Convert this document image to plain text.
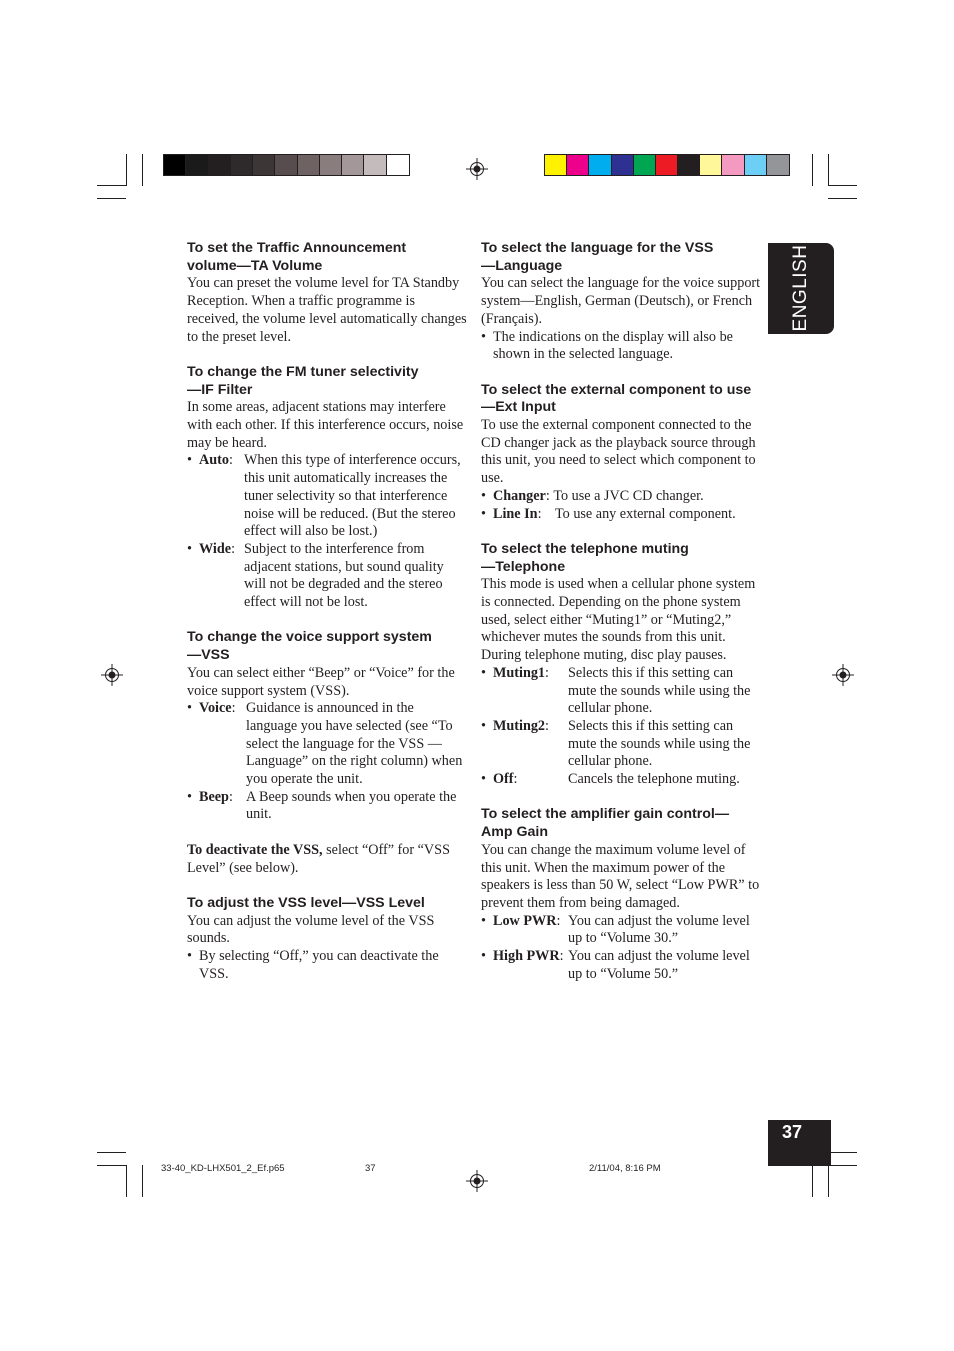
ENGLISH
To set the Traffic Announcement
volume—TA Volume

You can preset the volume level for TA Standby Reception. When a traffic programme is received, the volume level automatically changes to the preset level.

To change the FM tuner selectivity
—IF Filter

In some areas, adjacent stations may interfere with each other. If this interference occurs, noise may be heard.

• Auto: When this type of interference occurs, this unit automatically increases the tuner selectivity so that interference noise will be reduced. (But the stereo effect will also be lost.)
• Wide: Subject to the interference from adjacent stations, but sound quality will not be degraded and the stereo effect will not be lost.
To change the voice support system
—VSS

You can select either “Beep” or “Voice” for the voice support system (VSS).

• Voice: Guidance is announced in the language you have selected (see “To select the language for the VSS —Language” on the right column) when you operate the unit.
• Beep: A Beep sounds when you operate the unit.

To deactivate the VSS, select “Off” for “VSS Level” (see below).

To adjust the VSS level—VSS Level

You can adjust the volume level of the VSS sounds.

• By selecting “Off,” you can deactivate the VSS.
To select the language for the VSS
—Language

You can select the language for the voice support system—English, German (Deutsch), or French (Français).

• The indications on the display will also be shown in the selected language.
To select the external component to use
—Ext Input

To use the external component connected to the CD changer jack as the playback source through this unit, you need to select which component to use.

• Changer: To use a JVC CD changer.
• Line In: To use any external component.
To select the telephone muting
—Telephone

This mode is used when a cellular phone system is connected. Depending on the phone system used, select either “Muting1” or “Muting2,” whichever mutes the sounds from this unit. During telephone muting, disc play pauses.

• Muting1:	Selects this if this setting can mute the sounds while using the cellular phone.
• Muting2:	Selects this if this setting can mute the sounds while using the cellular phone.
• Off:	Cancels the telephone muting.
To select the amplifier gain control—
Amp Gain

You can change the maximum volume level of this unit. When the maximum power of the speakers is less than 50 W, select “Low PWR” to prevent them from being damaged.

• Low PWR: You can adjust the volume level up to “Volume 30.”
• High PWR: You can adjust the volume level up to “Volume 50.”
37
33-40_KD-LHX501_2_Ef.p65	37	2/11/04, 8:16 PM
